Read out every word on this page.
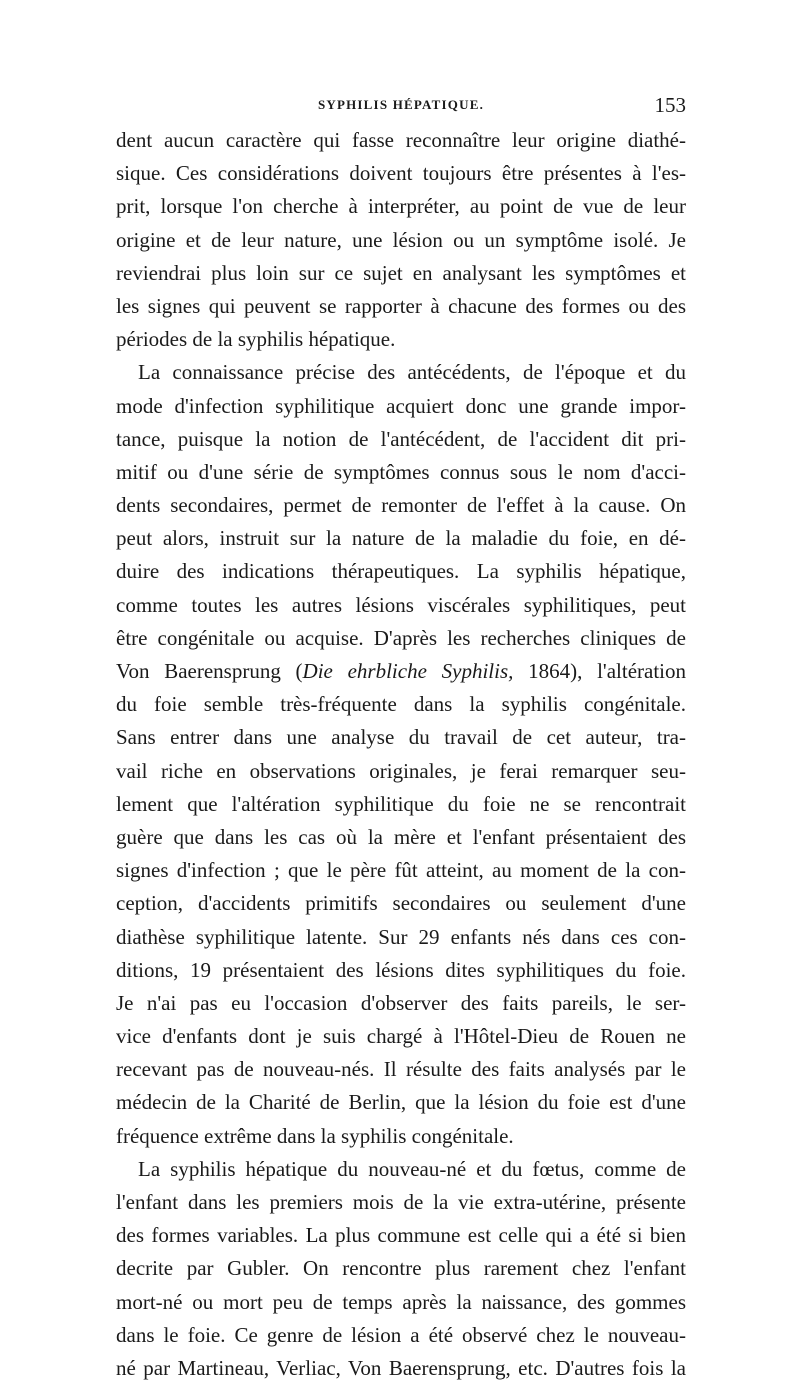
SYPHILIS HÉPATIQUE.	153
dent aucun caractère qui fasse reconnaître leur origine diathé-
sique. Ces considérations doivent toujours être présentes à l'es-
prit, lorsque l'on cherche à interpréter, au point de vue de leur
origine et de leur nature, une lésion ou un symptôme isolé. Je
reviendrai plus loin sur ce sujet en analysant les symptômes et
les signes qui peuvent se rapporter à chacune des formes ou des
périodes de la syphilis hépatique.
La connaissance précise des antécédents, de l'époque et du
mode d'infection syphilitique acquiert donc une grande impor-
tance, puisque la notion de l'antécédent, de l'accident dit pri-
mitif ou d'une série de symptômes connus sous le nom d'acci-
dents secondaires, permet de remonter de l'effet à la cause. On
peut alors, instruit sur la nature de la maladie du foie, en dé-
duire des indications thérapeutiques. La syphilis hépatique,
comme toutes les autres lésions viscérales syphilitiques, peut
être congénitale ou acquise. D'après les recherches cliniques de
Von Baerensprung (Die ehrbliche Syphilis, 1864), l'altération
du foie semble très-fréquente dans la syphilis congénitale.
Sans entrer dans une analyse du travail de cet auteur, tra-
vail riche en observations originales, je ferai remarquer seu-
lement que l'altération syphilitique du foie ne se rencontrait
guère que dans les cas où la mère et l'enfant présentaient des
signes d'infection ; que le père fût atteint, au moment de la con-
ception, d'accidents primitifs secondaires ou seulement d'une
diathèse syphilitique latente. Sur 29 enfants nés dans ces con-
ditions, 19 présentaient des lésions dites syphilitiques du foie.
Je n'ai pas eu l'occasion d'observer des faits pareils, le ser-
vice d'enfants dont je suis chargé à l'Hôtel-Dieu de Rouen ne
recevant pas de nouveau-nés. Il résulte des faits analysés par le
médecin de la Charité de Berlin, que la lésion du foie est d'une
fréquence extrême dans la syphilis congénitale.
La syphilis hépatique du nouveau-né et du fœtus, comme de
l'enfant dans les premiers mois de la vie extra-utérine, présente
des formes variables. La plus commune est celle qui a été si bien
decrite par Gubler. On rencontre plus rarement chez l'enfant
mort-né ou mort peu de temps après la naissance, des gommes
dans le foie. Ce genre de lésion a été observé chez le nouveau-
né par Martineau, Verliac, Von Baerensprung, etc. D'autres fois la
